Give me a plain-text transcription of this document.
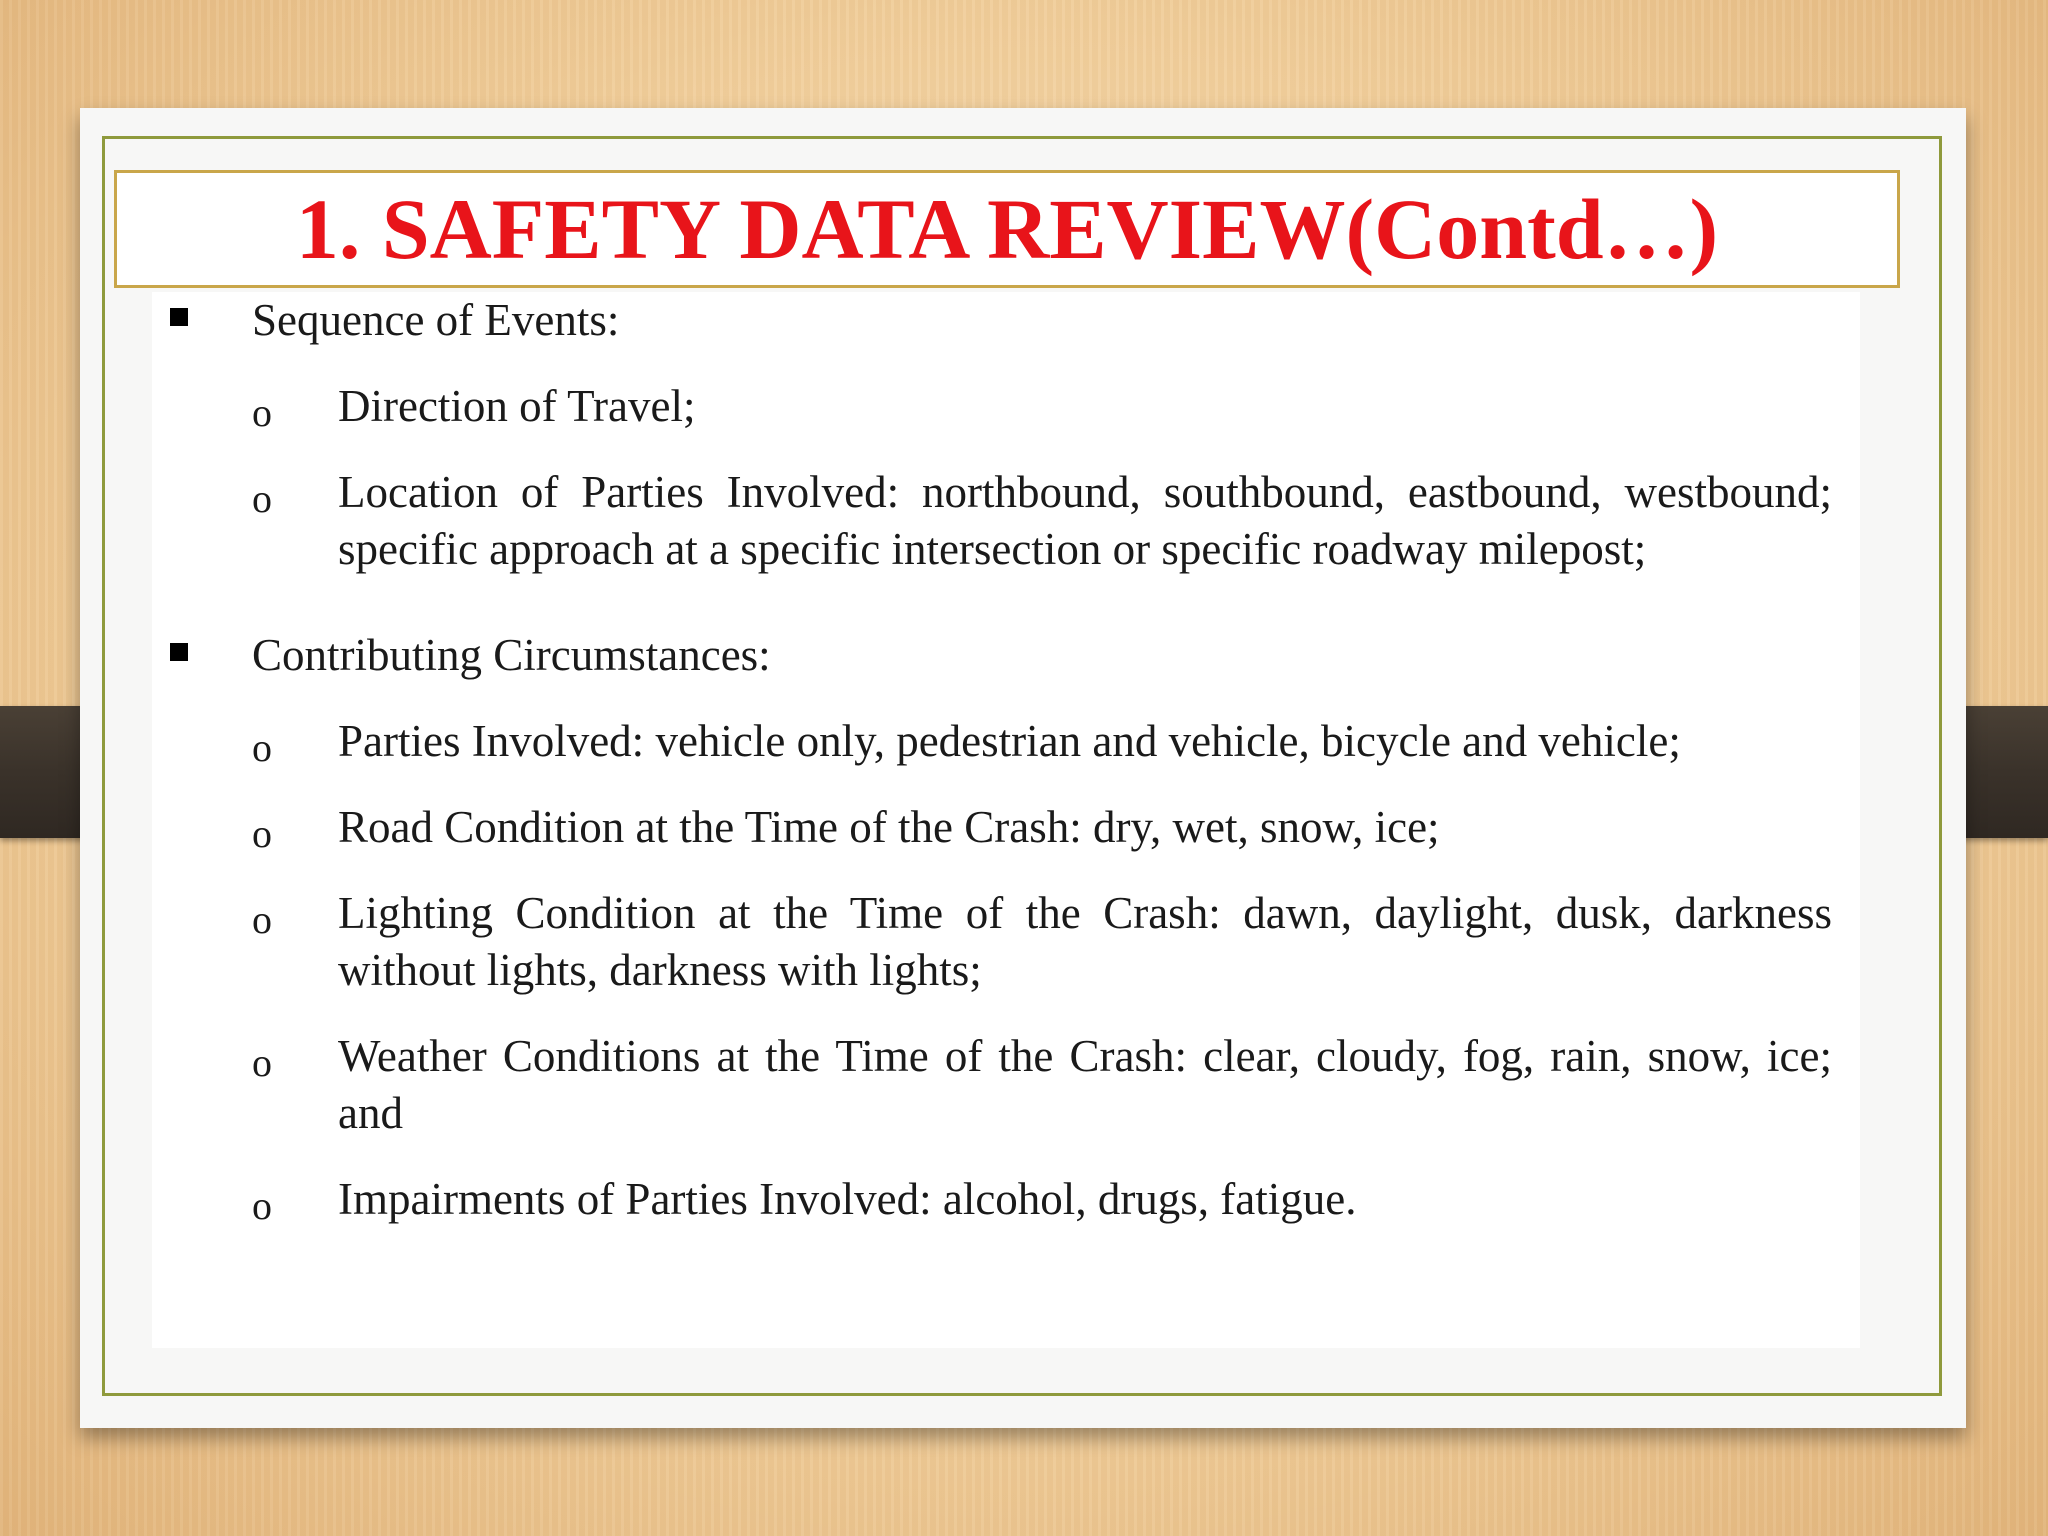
1. SAFETY DATA REVIEW(Contd…)
Sequence of Events:
o Direction of Travel;
o Location of Parties Involved: northbound, southbound, eastbound, westbound; specific approach at a specific intersection or specific roadway milepost;
Contributing Circumstances:
o Parties Involved: vehicle only, pedestrian and vehicle, bicycle and vehicle;
o Road Condition at the Time of the Crash: dry, wet, snow, ice;
o Lighting Condition at the Time of the Crash: dawn, daylight, dusk, darkness without lights, darkness with lights;
o Weather Conditions at the Time of the Crash: clear, cloudy, fog, rain, snow, ice; and
o Impairments of Parties Involved: alcohol, drugs, fatigue.
